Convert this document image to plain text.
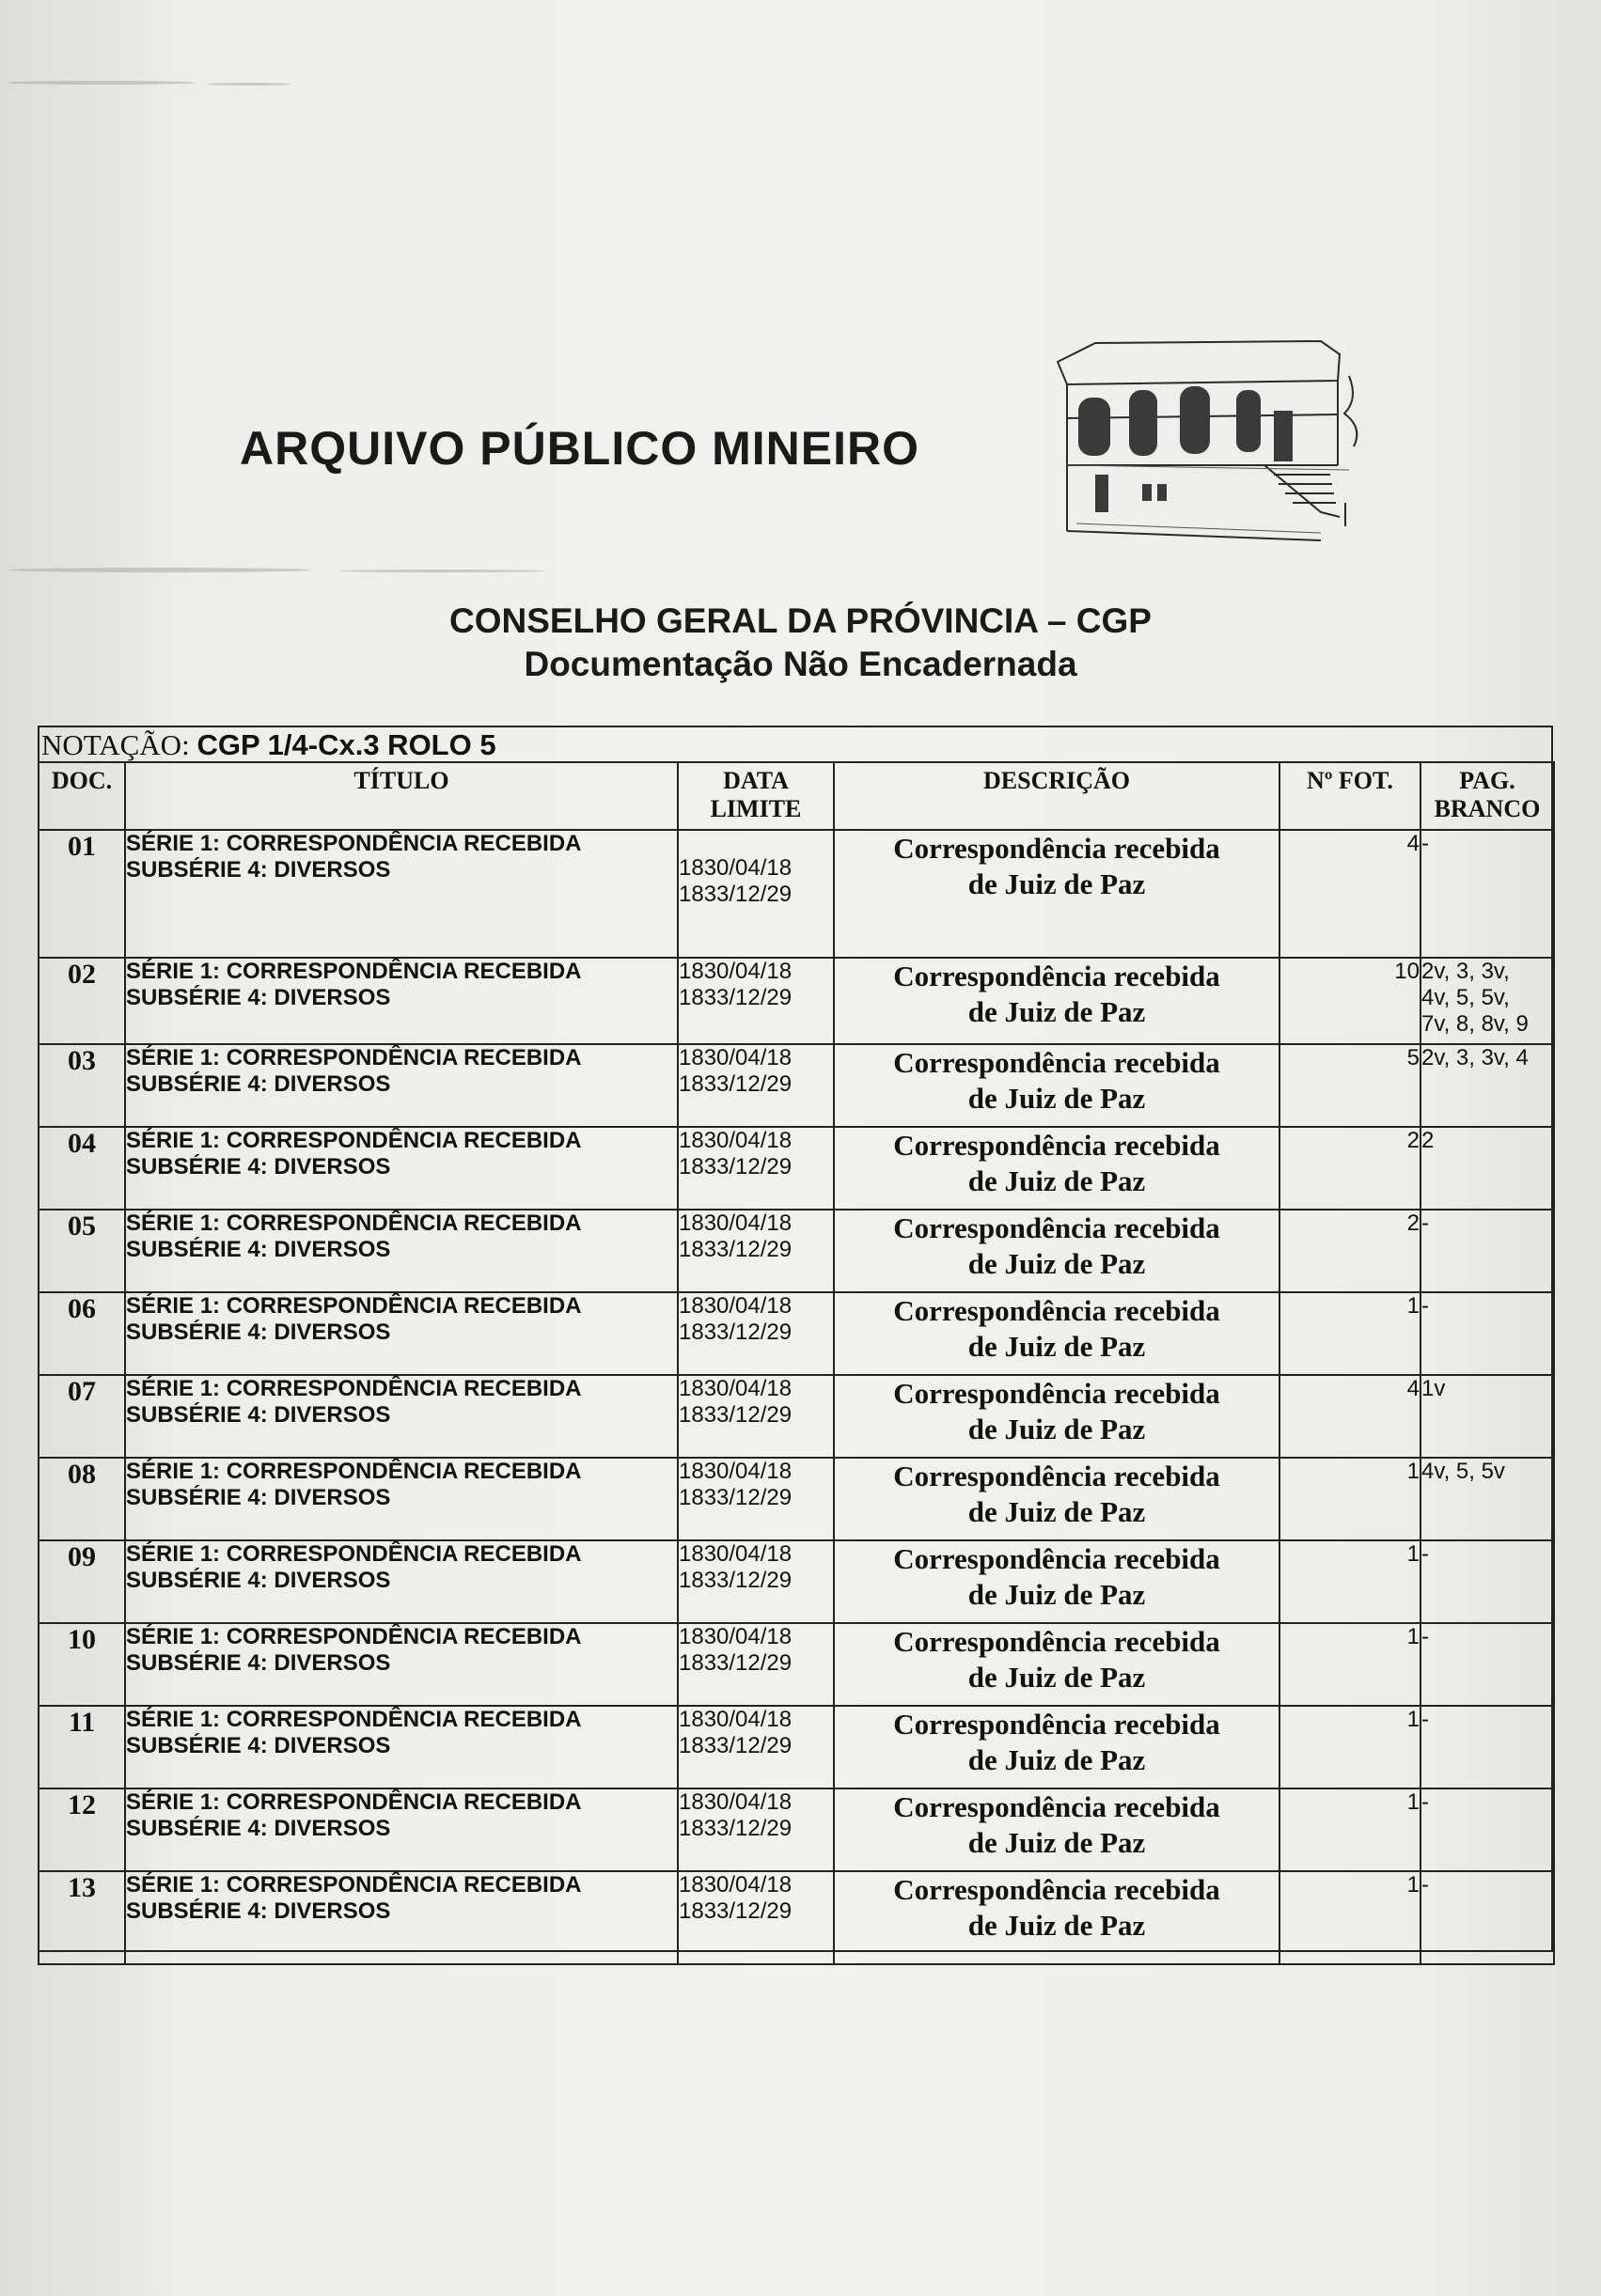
ARQUIVO PÚBLICO MINEIRO
CONSELHO GERAL DA PRÓVINCIA – CGP
Documentação Não Encadernada
NOTAÇÃO: CGP 1/4-Cx.3 ROLO 5
DOC.	TÍTULO	DATA
LIMITE	DESCRIÇÃO	Nº FOT.	PAG.
BRANCO

01	SÉRIE 1: CORRESPONDÊNCIA RECEBIDA
SUBSÉRIE 4: DIVERSOS	1830/04/18
1833/12/29	Correspondência recebida
de Juiz de Paz	4	-

02	SÉRIE 1: CORRESPONDÊNCIA RECEBIDA
SUBSÉRIE 4: DIVERSOS	1830/04/18
1833/12/29	Correspondência recebida
de Juiz de Paz	10	2v, 3, 3v,
4v, 5, 5v,
7v, 8, 8v, 9

03	SÉRIE 1: CORRESPONDÊNCIA RECEBIDA
SUBSÉRIE 4: DIVERSOS	1830/04/18
1833/12/29	Correspondência recebida
de Juiz de Paz	5	2v, 3, 3v, 4

04	SÉRIE 1: CORRESPONDÊNCIA RECEBIDA
SUBSÉRIE 4: DIVERSOS	1830/04/18
1833/12/29	Correspondência recebida
de Juiz de Paz	2	2

05	SÉRIE 1: CORRESPONDÊNCIA RECEBIDA
SUBSÉRIE 4: DIVERSOS	1830/04/18
1833/12/29	Correspondência recebida
de Juiz de Paz	2	-

06	SÉRIE 1: CORRESPONDÊNCIA RECEBIDA
SUBSÉRIE 4: DIVERSOS	1830/04/18
1833/12/29	Correspondência recebida
de Juiz de Paz	1	-

07	SÉRIE 1: CORRESPONDÊNCIA RECEBIDA
SUBSÉRIE 4: DIVERSOS	1830/04/18
1833/12/29	Correspondência recebida
de Juiz de Paz	4	1v

08	SÉRIE 1: CORRESPONDÊNCIA RECEBIDA
SUBSÉRIE 4: DIVERSOS	1830/04/18
1833/12/29	Correspondência recebida
de Juiz de Paz	1	4v, 5, 5v

09	SÉRIE 1: CORRESPONDÊNCIA RECEBIDA
SUBSÉRIE 4: DIVERSOS	1830/04/18
1833/12/29	Correspondência recebida
de Juiz de Paz	1	-

10	SÉRIE 1: CORRESPONDÊNCIA RECEBIDA
SUBSÉRIE 4: DIVERSOS	1830/04/18
1833/12/29	Correspondência recebida
de Juiz de Paz	1	-

11	SÉRIE 1: CORRESPONDÊNCIA RECEBIDA
SUBSÉRIE 4: DIVERSOS	1830/04/18
1833/12/29	Correspondência recebida
de Juiz de Paz	1	-

12	SÉRIE 1: CORRESPONDÊNCIA RECEBIDA
SUBSÉRIE 4: DIVERSOS	1830/04/18
1833/12/29	Correspondência recebida
de Juiz de Paz	1	-

13	SÉRIE 1: CORRESPONDÊNCIA RECEBIDA
SUBSÉRIE 4: DIVERSOS	1830/04/18
1833/12/29	Correspondência recebida
de Juiz de Paz	1	-
